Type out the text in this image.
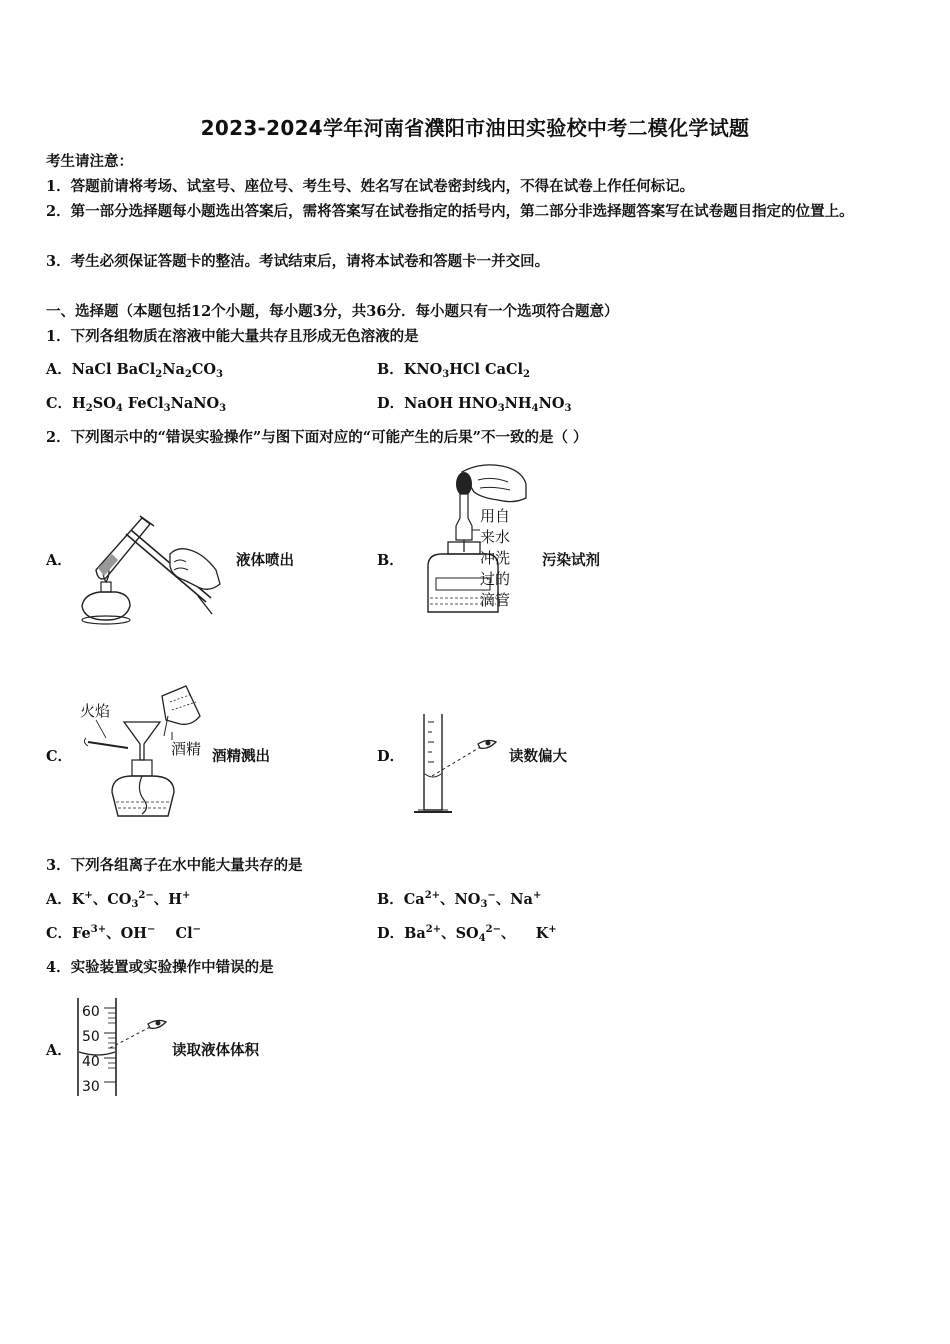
2023-2024学年河南省濮阳市油田实验校中考二模化学试题
考生请注意：
1．答题前请将考场、试室号、座位号、考生号、姓名写在试卷密封线内，不得在试卷上作任何标记。
2．第一部分选择题每小题选出答案后，需将答案写在试卷指定的括号内，第二部分非选择题答案写在试卷题目指定的位置上。
3．考生必须保证答题卡的整洁。考试结束后，请将本试卷和答题卡一并交回。
一、选择题（本题包括12个小题，每小题3分，共36分．每小题只有一个选项符合题意）
1．下列各组物质在溶液中能大量共存且形成无色溶液的是
A．NaCl $BaCl_2Na_2CO_3$	B．$KNO_3HCl$ CaCl$_2$
C．$H_2SO_4$ FeCl$_3$NaNO$_3$	D．NaOH $HNO_3NH_4NO_3$
2．下列图示中的“错误实验操作”与图下面对应的“可能产生的后果”不一致的是（ ）
A．	液体喷出	B．
用自
来水
冲洗
过的
滴管
污染试剂
C．
火焰
酒精 酒精溅出	D．	读数偏大
3．下列各组离子在水中能大量共存的是
A．K+、$CO_3^{2-}$、H+	B．$Ca^{2+}$、$NO_3^-$、Na+
C．$Fe^{3+}$、OH−    Cl−	D．$Ba^{2+}$、$SO_4^{2-}$、    K+
4．实验装置或实验操作中错误的是
A．
60
50
40
30
读取液体体积
